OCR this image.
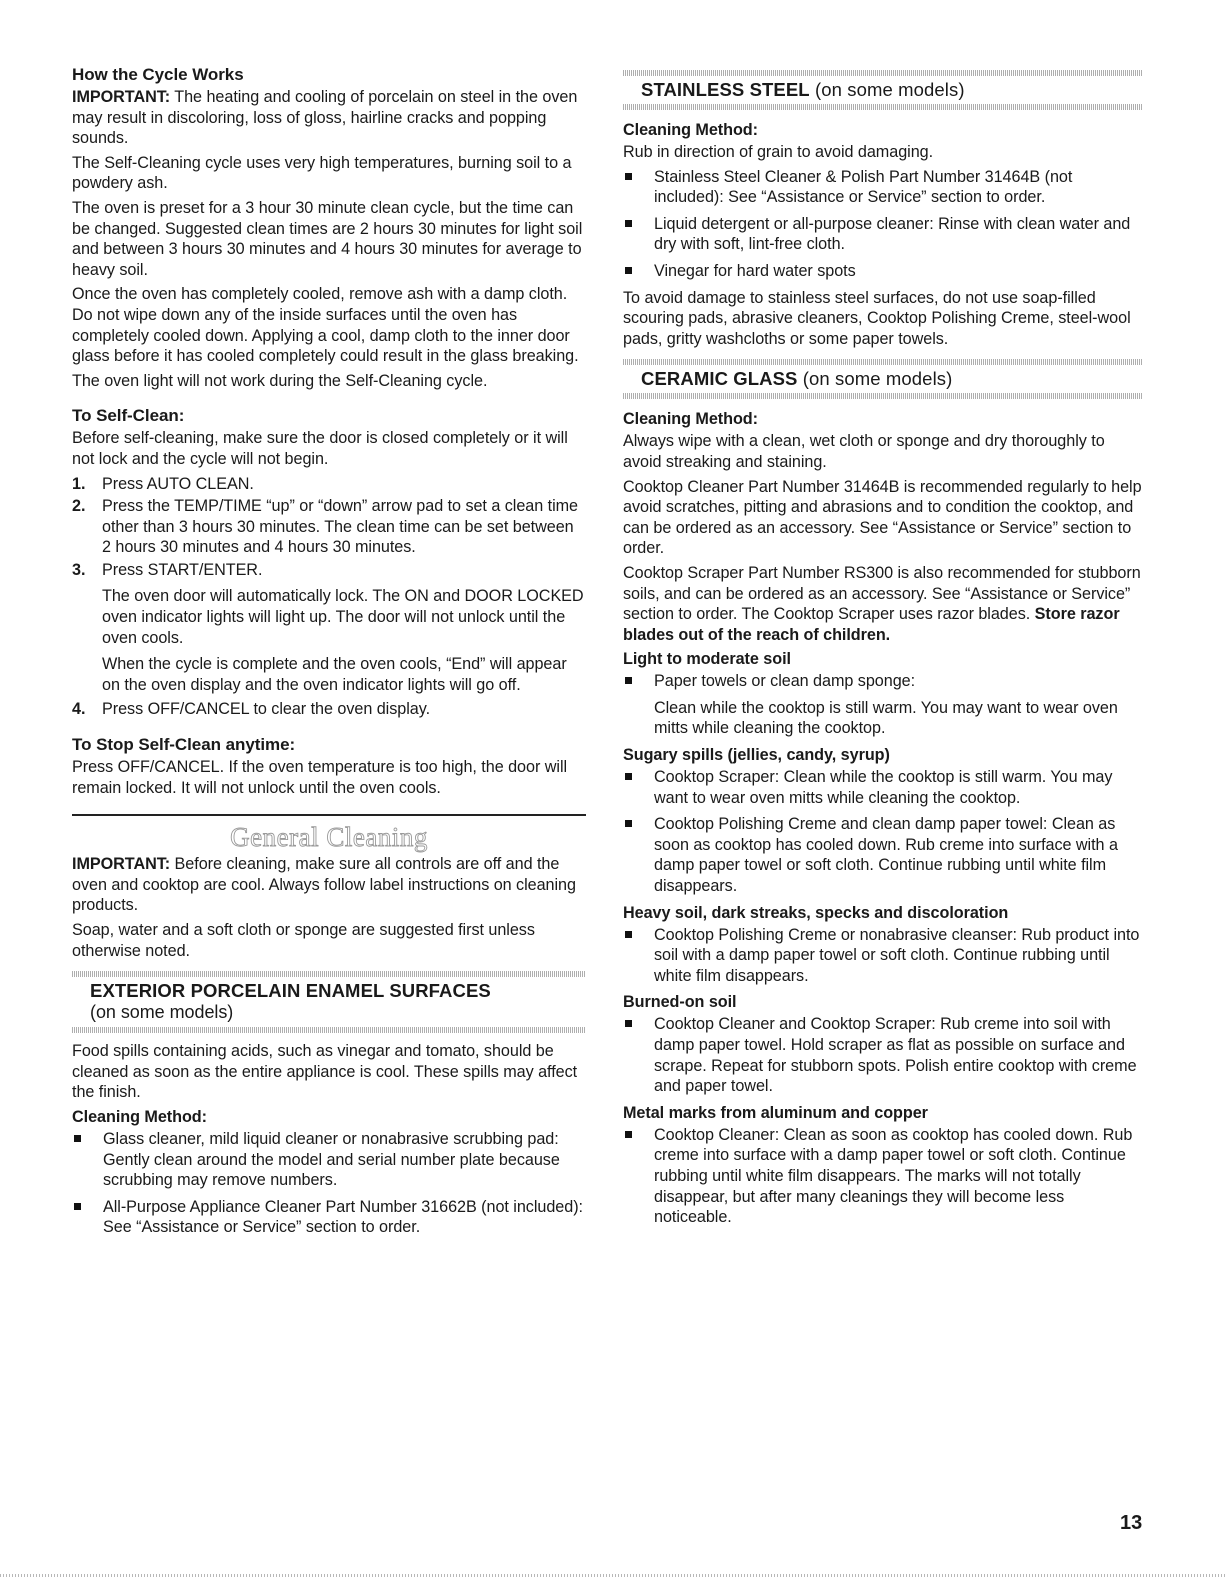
How the Cycle Works

IMPORTANT: The heating and cooling of porcelain on steel in the oven may result in discoloring, loss of gloss, hairline cracks and popping sounds.

The Self-Cleaning cycle uses very high temperatures, burning soil to a powdery ash.

The oven is preset for a 3 hour 30 minute clean cycle, but the time can be changed. Suggested clean times are 2 hours 30 minutes for light soil and between 3 hours 30 minutes and 4 hours 30 minutes for average to heavy soil.

Once the oven has completely cooled, remove ash with a damp cloth. Do not wipe down any of the inside surfaces until the oven has completely cooled down. Applying a cool, damp cloth to the inner door glass before it has cooled completely could result in the glass breaking.

The oven light will not work during the Self-Cleaning cycle.

To Self-Clean:

Before self-cleaning, make sure the door is closed completely or it will not lock and the cycle will not begin.

1. Press AUTO CLEAN.
2. Press the TEMP/TIME “up” or “down” arrow pad to set a clean time other than 3 hours 30 minutes. The clean time can be set between 2 hours 30 minutes and 4 hours 30 minutes.
3. Press START/ENTER.

The oven door will automatically lock. The ON and DOOR LOCKED oven indicator lights will light up. The door will not unlock until the oven cools.

When the cycle is complete and the oven cools, “End” will appear on the oven display and the oven indicator lights will go off.

4. Press OFF/CANCEL to clear the oven display.
To Stop Self-Clean anytime:

Press OFF/CANCEL. If the oven temperature is too high, the door will remain locked. It will not unlock until the oven cools.

General Cleaning

IMPORTANT: Before cleaning, make sure all controls are off and the oven and cooktop are cool. Always follow label instructions on cleaning products.

Soap, water and a soft cloth or sponge are suggested first unless otherwise noted.

EXTERIOR PORCELAIN ENAMEL SURFACES
(on some models)

Food spills containing acids, such as vinegar and tomato, should be cleaned as soon as the entire appliance is cool. These spills may affect the finish.

Cleaning Method:
Glass cleaner, mild liquid cleaner or nonabrasive scrubbing pad: Gently clean around the model and serial number plate because scrubbing may remove numbers.
All-Purpose Appliance Cleaner Part Number 31662B (not included): See “Assistance or Service” section to order.
STAINLESS STEEL (on some models)
Cleaning Method:

Rub in direction of grain to avoid damaging.

Stainless Steel Cleaner & Polish Part Number 31464B (not included): See “Assistance or Service” section to order.
Liquid detergent or all-purpose cleaner: Rinse with clean water and dry with soft, lint-free cloth.
Vinegar for hard water spots

To avoid damage to stainless steel surfaces, do not use soap-filled scouring pads, abrasive cleaners, Cooktop Polishing Creme, steel-wool pads, gritty washcloths or some paper towels.

CERAMIC GLASS (on some models)
Cleaning Method:

Always wipe with a clean, wet cloth or sponge and dry thoroughly to avoid streaking and staining.

Cooktop Cleaner Part Number 31464B is recommended regularly to help avoid scratches, pitting and abrasions and to condition the cooktop, and can be ordered as an accessory. See “Assistance or Service” section to order.

Cooktop Scraper Part Number RS300 is also recommended for stubborn soils, and can be ordered as an accessory. See “Assistance or Service” section to order. The Cooktop Scraper uses razor blades. Store razor blades out of the reach of children.

Light to moderate soil
Paper towels or clean damp sponge:

Clean while the cooktop is still warm. You may want to wear oven mitts while cleaning the cooktop.

Sugary spills (jellies, candy, syrup)
Cooktop Scraper: Clean while the cooktop is still warm. You may want to wear oven mitts while cleaning the cooktop.
Cooktop Polishing Creme and clean damp paper towel: Clean as soon as cooktop has cooled down. Rub creme into surface with a damp paper towel or soft cloth. Continue rubbing until white film disappears.
Heavy soil, dark streaks, specks and discoloration
Cooktop Polishing Creme or nonabrasive cleanser: Rub product into soil with a damp paper towel or soft cloth. Continue rubbing until white film disappears.
Burned-on soil
Cooktop Cleaner and Cooktop Scraper: Rub creme into soil with damp paper towel. Hold scraper as flat as possible on surface and scrape. Repeat for stubborn spots. Polish entire cooktop with creme and paper towel.
Metal marks from aluminum and copper
Cooktop Cleaner: Clean as soon as cooktop has cooled down. Rub creme into surface with a damp paper towel or soft cloth. Continue rubbing until white film disappears. The marks will not totally disappear, but after many cleanings they will become less noticeable.
13
